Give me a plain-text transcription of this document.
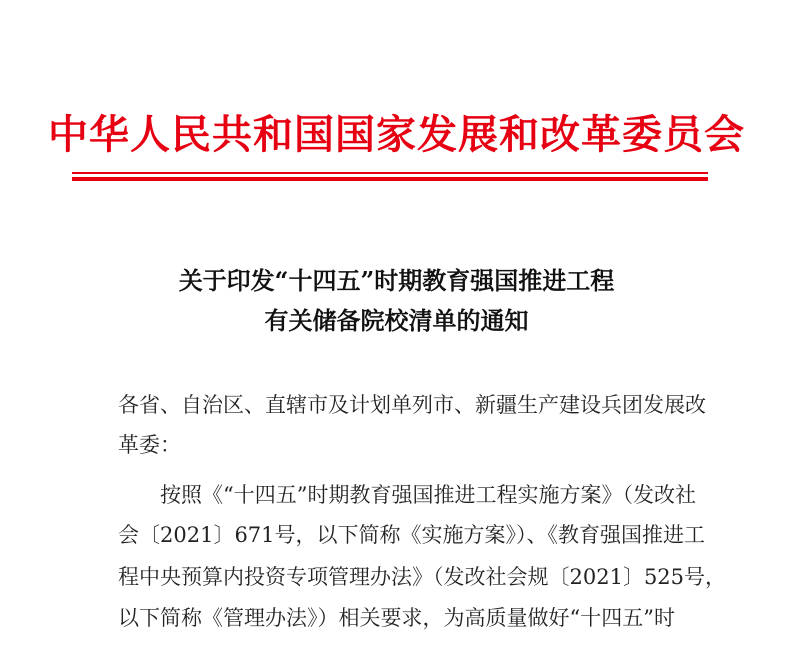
中华人民共和国国家发展和改革委员会
关于印发“十四五”时期教育强国推进工程
有关储备院校清单的通知
各省、自治区、直辖市及计划单列市、新疆生产建设兵团发展改
革委：
按照《“十四五”时期教育强国推进工程实施方案》（发改社
会〔2021〕671号，以下简称《实施方案》）、《教育强国推进工
程中央预算内投资专项管理办法》（发改社会规〔2021〕525号，
以下简称《管理办法》）相关要求，为高质量做好“十四五”时
